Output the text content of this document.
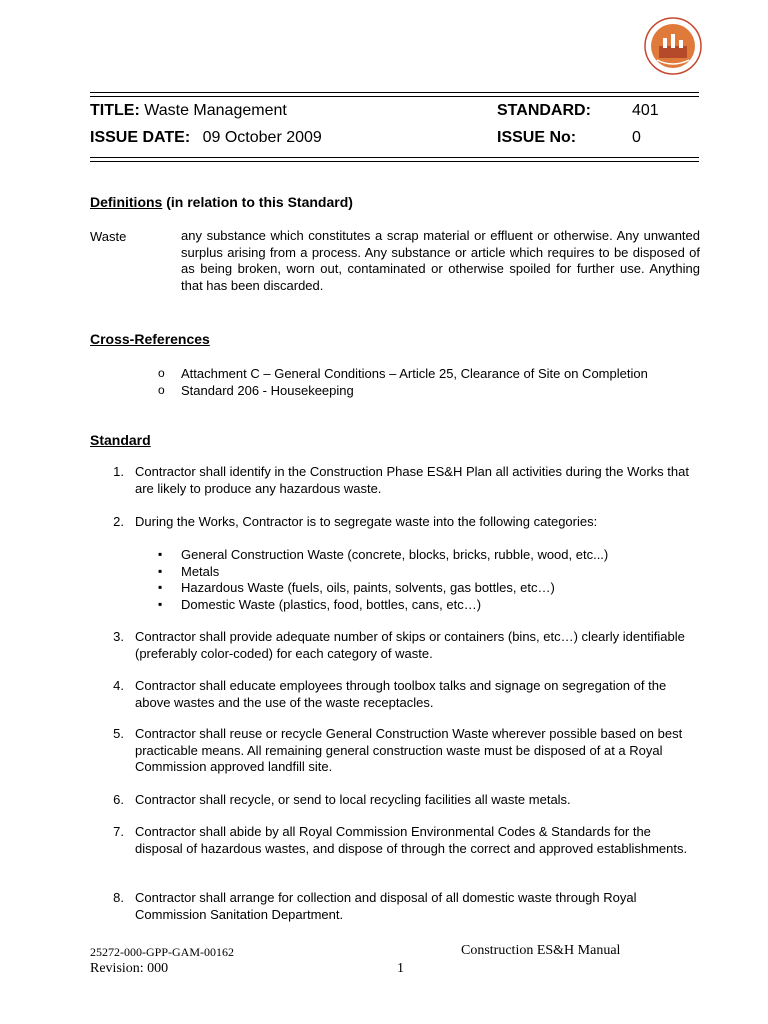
TITLE: Waste Management	STANDARD:	401
ISSUE DATE: 09 October 2009	ISSUE No:	0
Definitions (in relation to this Standard)
Waste	any substance which constitutes a scrap material or effluent or otherwise. Any unwanted surplus arising from a process. Any substance or article which requires to be disposed of as being broken, worn out, contaminated or otherwise spoiled for further use. Anything that has been discarded.
Cross-References
o Attachment C – General Conditions – Article 25, Clearance of Site on Completion
o Standard 206 - Housekeeping
Standard
1. Contractor shall identify in the Construction Phase ES&H Plan all activities during the Works that are likely to produce any hazardous waste.
2. During the Works, Contractor is to segregate waste into the following categories:
▪ General Construction Waste (concrete, blocks, bricks, rubble, wood, etc...)
▪ Metals
▪ Hazardous Waste (fuels, oils, paints, solvents, gas bottles, etc…)
▪ Domestic Waste (plastics, food, bottles, cans, etc…)
3. Contractor shall provide adequate number of skips or containers (bins, etc…) clearly identifiable (preferably color-coded) for each category of waste.
4. Contractor shall educate employees through toolbox talks and signage on segregation of the above wastes and the use of the waste receptacles.
5. Contractor shall reuse or recycle General Construction Waste wherever possible based on best practicable means. All remaining general construction waste must be disposed of at a Royal Commission approved landfill site.
6. Contractor shall recycle, or send to local recycling facilities all waste metals.
7. Contractor shall abide by all Royal Commission Environmental Codes & Standards for the disposal of hazardous wastes, and dispose of through the correct and approved establishments.
8. Contractor shall arrange for collection and disposal of all domestic waste through Royal Commission Sanitation Department.
25272-000-GPP-GAM-00162	Construction ES&H Manual
Revision: 000	1
